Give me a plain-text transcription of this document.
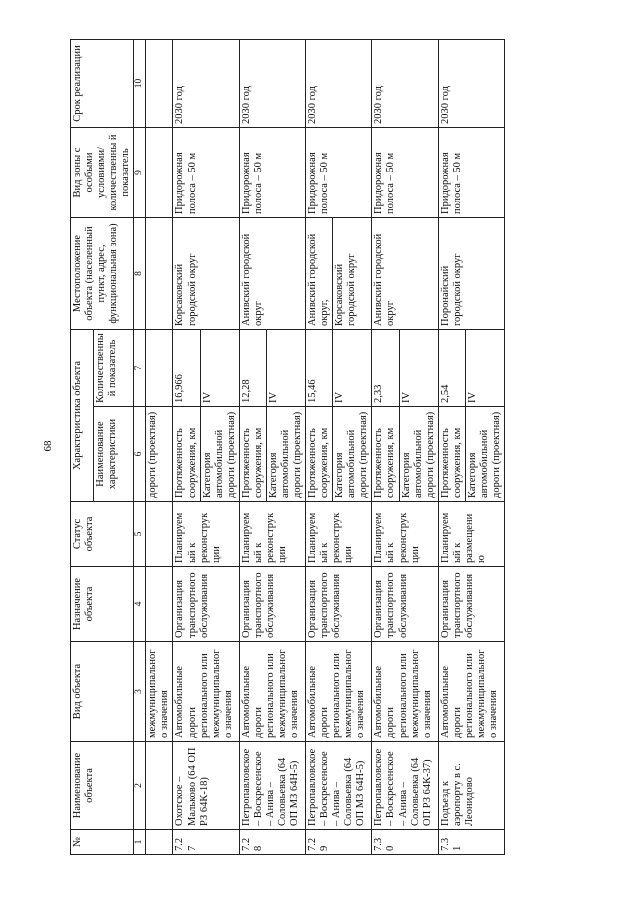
68
№	Наименование объекта	Вид объекта	Назначение объекта	Статус объекта	Характеристика объекта		Местоположение объекта (населенный пункт, адрес, функциональная зона)	Вид зоны с особыми условиями/ количественны й показатель	Срок реализации
					Наименование характеристики	Количественны й показатель			
1	2	3	4	5	6	7	8	9	10
		межмуниципального значения			дороги (проектная)				
7.27	Охотское – Мальково (64 ОП РЗ 64К-18)	Автомобильные дороги регионального или межмуниципального значения	Организация транспортного обслуживания	Планируем ый к реконструк ции	Протяженность сооружения, км	16,966	Корсаковский городской округ	Придорожная полоса – 50 м	2030 год
					Категория автомобильной дороги (проектная)	IV			
7.28	Петропавловское – Воскресенское – Анива – Соловьевка (64 ОП МЗ 64Н-5)	Автомобильные дороги регионального или межмуниципального значения	Организация транспортного обслуживания	Планируем ый к реконструк ции	Протяженность сооружения, км	12,28	Анивский городской округ	Придорожная полоса – 50 м	2030 год
					Категория автомобильной дороги (проектная)	IV			
7.29	Петропавловское – Воскресенское – Анива – Соловьевка (64 ОП МЗ 64Н-5)	Автомобильные дороги регионального или межмуниципального значения	Организация транспортного обслуживания	Планируем ый к реконструк ции	Протяженность сооружения, км	15,46	Анивский городской округ,	Придорожная полоса – 50 м	2030 год
					Категория автомобильной дороги (проектная)	IV	Корсаковский городской округ		
7.30	Петропавловское – Воскресенское – Анива – Соловьевка (64 ОП РЗ 64К-37)	Автомобильные дороги регионального или межмуниципального значения	Организация транспортного обслуживания	Планируем ый к реконструк ции	Протяженность сооружения, км	2,33	Анивский городской округ	Придорожная полоса – 50 м	2030 год
					Категория автомобильной дороги (проектная)	IV			
7.31	Подъезд к аэропорту в с. Леонидово	Автомобильные дороги регионального или межмуниципального значения	Организация транспортного обслуживания	Планируем ый к размещени ю	Протяженность сооружения, км	2,54	Поронайский городской округ	Придорожная полоса – 50 м	2030 год
					Категория автомобильной дороги (проектная)	IV			
